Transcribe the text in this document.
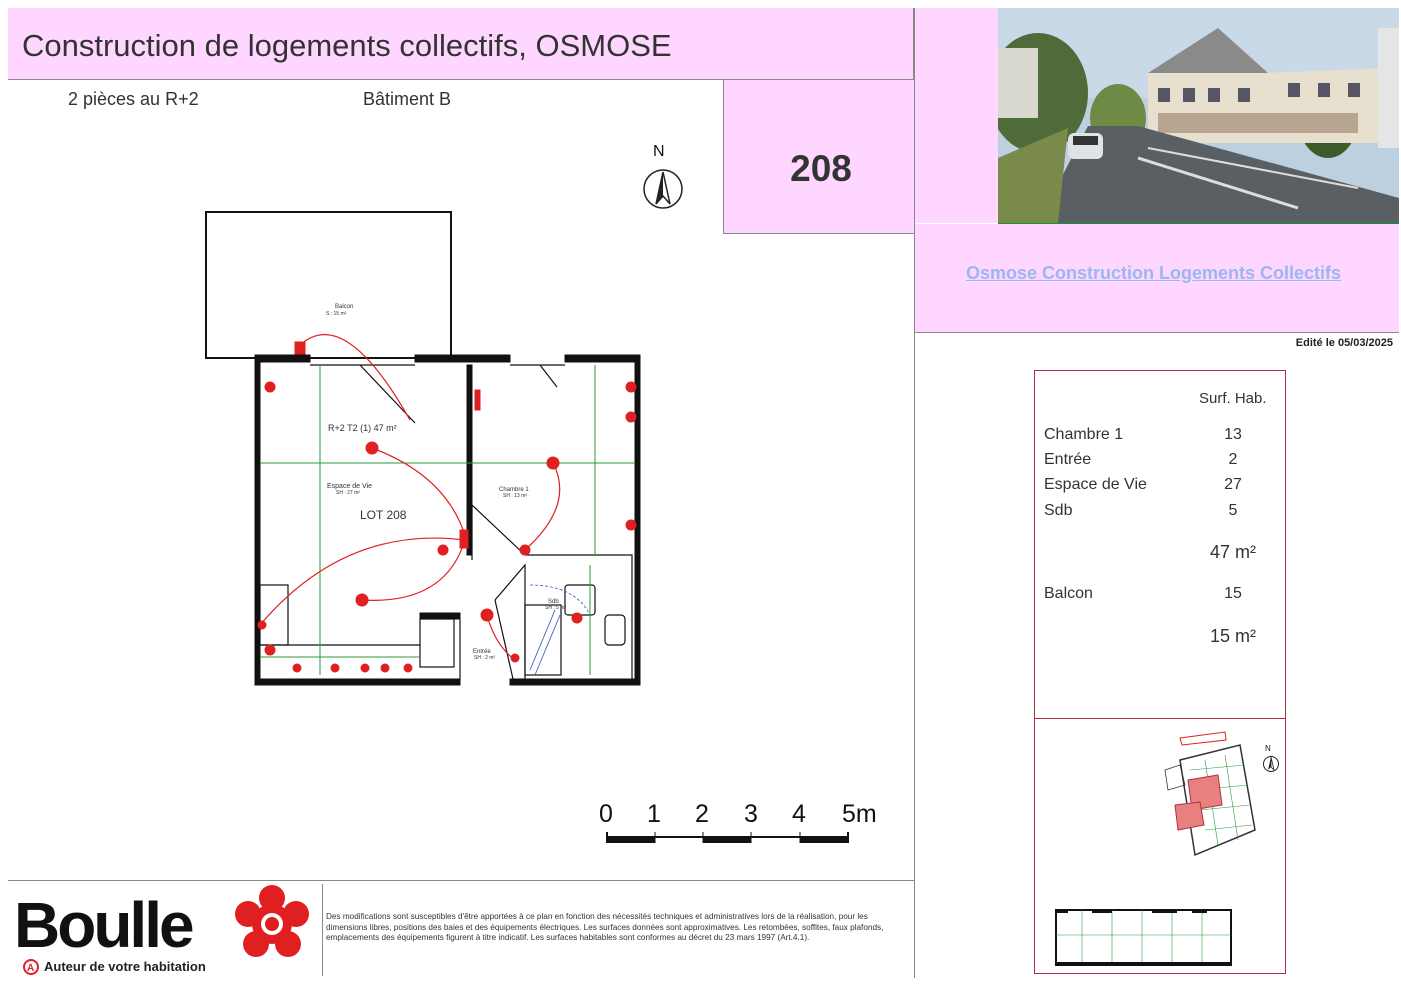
Construction de logements collectifs, OSMOSE
2 pièces au R+2	Bâtiment B
208
Osmose Construction Logements Collectifs
Edité le 05/03/2025
N
Balcon
S : 15 m²
R+2 T2 (1) 47 m²
Espace de Vie
SH : 27 m²
LOT 208
Chambre 1
SH : 13 m²
Sdb
SH : 5 m²
Entrée
SH : 2 m²
0 1 2 3 4 5m
Surf. Hab.
Chambre 1	13
Entrée	2
Espace de Vie	27
Sdb	5
47 m²
Balcon	15
15 m²
N
Boulle
A Auteur de votre habitation
Des modifications sont susceptibles d'être apportées à ce plan en fonction des nécessités techniques et administratives lors de la réalisation, pour les dimensions libres, positions des baies et des équipements électriques. Les surfaces données sont approximatives. Les retombées, soffites, faux plafonds, emplacements des équipements figurent à titre indicatif. Les surfaces habitables sont conformes au décret du 23 mars 1997 (Art.4.1).
